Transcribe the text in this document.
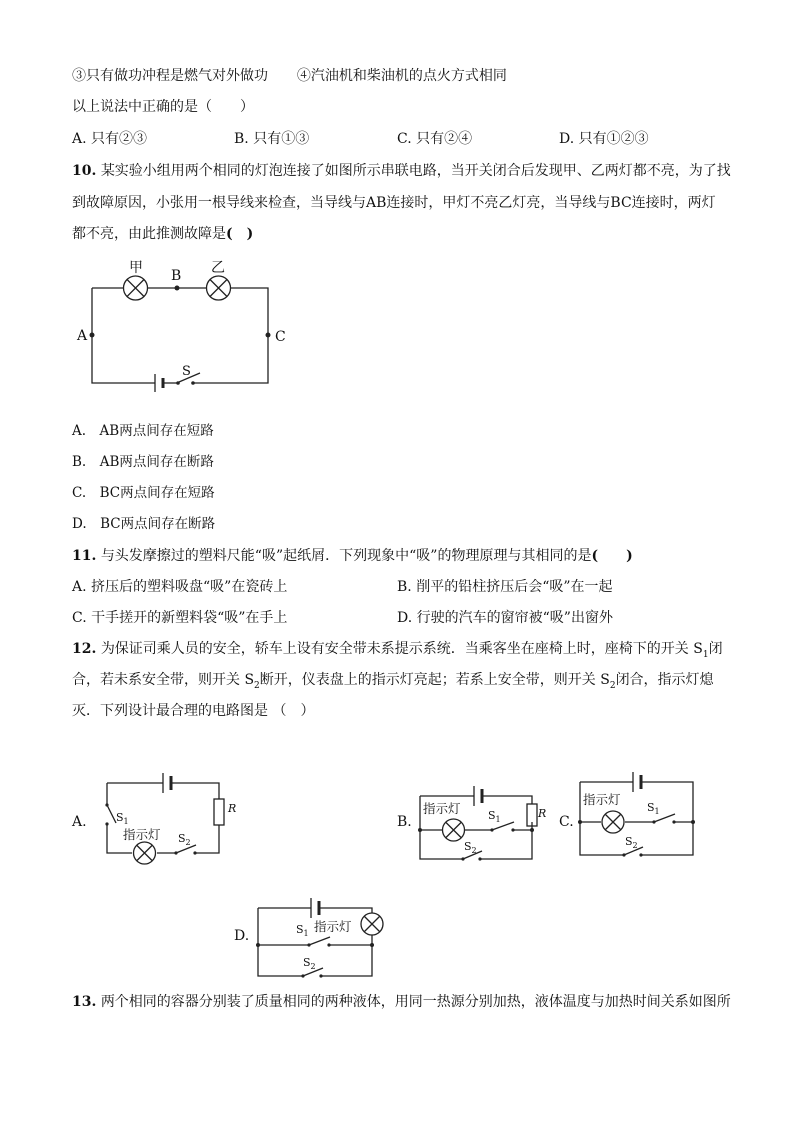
③只有做功冲程是燃气对外做功 ④汽油机和柴油机的点火方式相同
以上说法中正确的是（　　）
A. 只有②③	B. 只有①③	C. 只有②④	D. 只有①②③
10. 某实验小组用两个相同的灯泡连接了如图所示串联电路，当开关闭合后发现甲、乙两灯都不亮，为了找
到故障原因，小张用一根导线来检查，当导线与AB连接时，甲灯不亮乙灯亮，当导线与BC连接时，两灯
都不亮，由此推测故障是(　)
甲 B 乙
A	C
S
A.　AB两点间存在短路
B.　AB两点间存在断路
C.　BC两点间存在短路
D.　BC两点间存在断路
11. 与头发摩擦过的塑料尺能“吸”起纸屑．下列现象中“吸”的物理原理与其相同的是(　　)
A. 挤压后的塑料吸盘“吸”在瓷砖上	B. 削平的铅柱挤压后会“吸”在一起
C. 干手搓开的新塑料袋“吸”在手上	D. 行驶的汽车的窗帘被“吸”出窗外
12. 为保证司乘人员的安全，轿车上设有安全带未系提示系统．当乘客坐在座椅上时，座椅下的开关 $S_1$闭
合，若未系安全带，则开关 $S_2$断开，仪表盘上的指示灯亮起；若系上安全带，则开关 $S_2$闭合，指示灯熄
灭．下列设计最合理的电路图是 （　）
A.	$S_1$
R
指示灯 $S_2$
B.
指示灯 $S_1$	R
$S_2$
C.
指示灯
$S_1$
$S_2$
D.	$S_1$ 指示灯
$S_2$
13. 两个相同的容器分别装了质量相同的两种液体，用同一热源分别加热，液体温度与加热时间关系如图所
